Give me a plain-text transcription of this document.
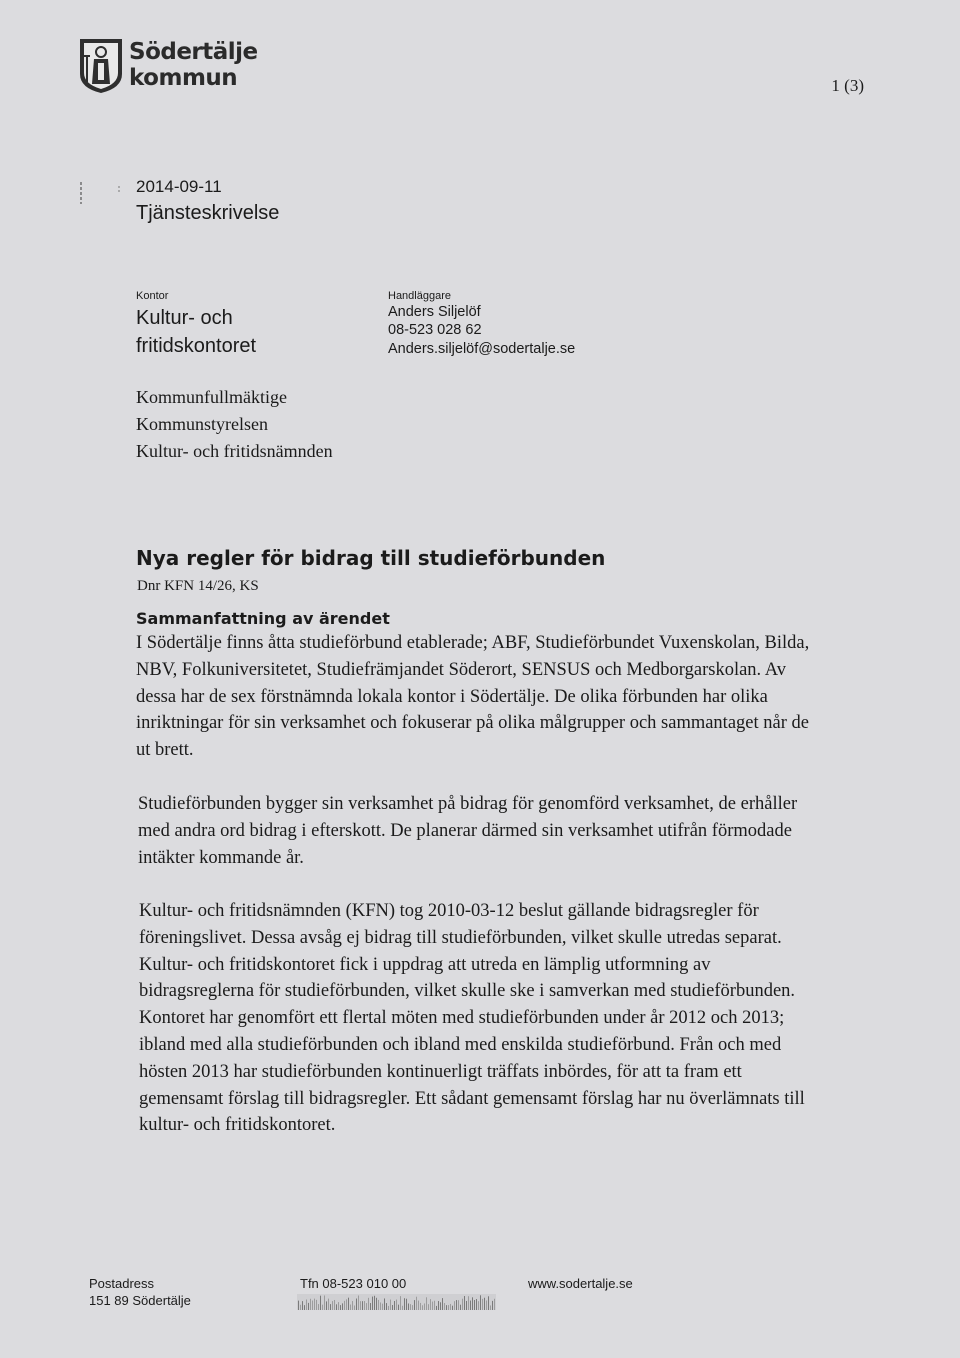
Södertälje
kommun	1 (3)
2014-09-11
Tjänsteskrivelse
Kontor
Kultur- och fritidskontoret
Handläggare
Anders Siljelöf
08-523 028 62
Anders.siljelöf@sodertalje.se
Kommunfullmäktige
Kommunstyrelsen
Kultur- och fritidsnämnden
Nya regler för bidrag till studieförbunden
Dnr KFN 14/26, KS
Sammanfattning av ärendet
I Södertälje finns åtta studieförbund etablerade; ABF, Studieförbundet Vuxenskolan, Bilda,
NBV, Folkuniversitetet, Studiefrämjandet Söderort, SENSUS och Medborgarskolan. Av
dessa har de sex förstnämnda lokala kontor i Södertälje. De olika förbunden har olika
inriktningar för sin verksamhet och fokuserar på olika målgrupper och sammantaget når de
ut brett.
Studieförbunden bygger sin verksamhet på bidrag för genomförd verksamhet, de erhåller
med andra ord bidrag i efterskott. De planerar därmed sin verksamhet utifrån förmodade
intäkter kommande år.
Kultur- och fritidsnämnden (KFN) tog 2010-03-12 beslut gällande bidragsregler för
föreningslivet. Dessa avsåg ej bidrag till studieförbunden, vilket skulle utredas separat.
Kultur- och fritidskontoret fick i uppdrag att utreda en lämplig utformning av
bidragsreglerna för studieförbunden, vilket skulle ske i samverkan med studieförbunden.
Kontoret har genomfört ett flertal möten med studieförbunden under år 2012 och 2013;
ibland med alla studieförbunden och ibland med enskilda studieförbund. Från och med
hösten 2013 har studieförbunden kontinuerligt träffats inbördes, för att ta fram ett
gemensamt förslag till bidragsregler. Ett sådant gemensamt förslag har nu överlämnats till
kultur- och fritidskontoret.
Postadress
151 89 Södertälje
Tfn 08-523 010 00	www.sodertalje.se
